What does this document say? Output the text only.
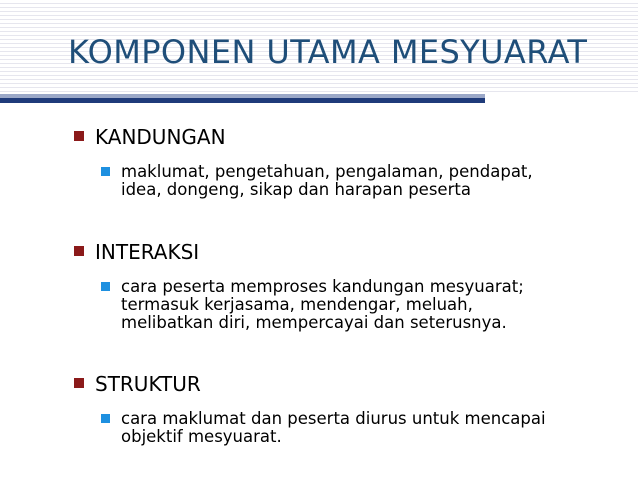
KOMPONEN UTAMA MESYUARAT
KANDUNGAN
maklumat, pengetahuan, pengalaman, pendapat,
idea, dongeng, sikap dan harapan peserta
INTERAKSI
cara peserta memproses kandungan mesyuarat;
termasuk kerjasama, mendengar, meluah,
melibatkan diri, mempercayai dan seterusnya.
STRUKTUR
cara maklumat dan peserta diurus untuk mencapai
objektif mesyuarat.
